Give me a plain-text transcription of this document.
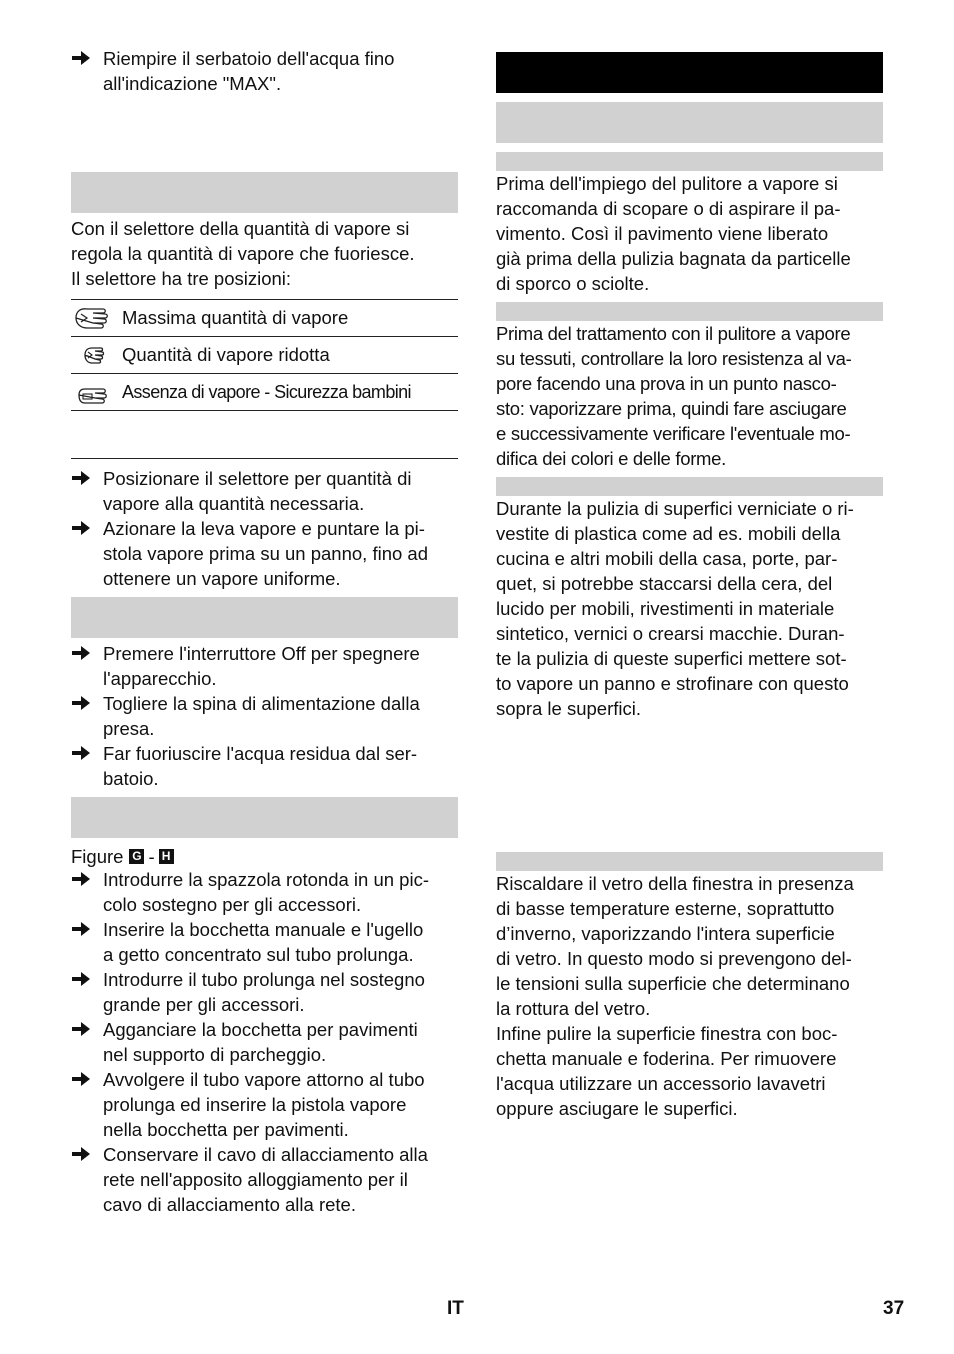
Riempire il serbatoio dell'acqua fino
all'indicazione "MAX".

Con il selettore della quantità di vapore si
regola la quantità di vapore che fuoriesce.
Il selettore ha tre posizioni:

Massima quantità di vapore
Quantità di vapore ridotta
Assenza di vapore - Sicurezza bambini
Posizionare il selettore per quantità di
vapore alla quantità necessaria.
Azionare la leva vapore e puntare la pi-
stola vapore prima su un panno, fino ad
ottenere un vapore uniforme.
Premere l'interruttore Off per spegnere
l'apparecchio.
Togliere la spina di alimentazione dalla
presa.
Far fuoriuscire l'acqua residua dal ser-
batoio.
Figure G - H
Introdurre la spazzola rotonda in un pic-
colo sostegno per gli accessori.
Inserire la bocchetta manuale e l'ugello
a getto concentrato sul tubo prolunga.
Introdurre il tubo prolunga nel sostegno
grande per gli accessori.
Agganciare la bocchetta per pavimenti
nel supporto di parcheggio.
Avvolgere il tubo vapore attorno al tubo
prolunga ed inserire la pistola vapore
nella bocchetta per pavimenti.
Conservare il cavo di allacciamento alla
rete nell'apposito alloggiamento per il
cavo di allacciamento alla rete.

Prima dell'impiego del pulitore a vapore si
raccomanda di scopare o di aspirare il pa-
vimento. Così il pavimento viene liberato
già prima della pulizia bagnata da particelle
di sporco o sciolte.

Prima del trattamento con il pulitore a vapore
su tessuti, controllare la loro resistenza al va-
pore facendo una prova in un punto nasco-
sto: vaporizzare prima, quindi fare asciugare
e successivamente verificare l'eventuale mo-
difica dei colori e delle forme.

Durante la pulizia di superfici verniciate o ri-
vestite di plastica come ad es. mobili della
cucina e altri mobili della casa, porte, par-
quet, si potrebbe staccarsi della cera, del
lucido per mobili, rivestimenti in materiale
sintetico, vernici o crearsi macchie. Duran-
te la pulizia di queste superfici mettere sot-
to vapore un panno e strofinare con questo
sopra le superfici.

Riscaldare il vetro della finestra in presenza
di basse temperature esterne, soprattutto
d’inverno, vaporizzando l'intera superficie
di vetro. In questo modo si prevengono del-
le tensioni sulla superficie che determinano
la rottura del vetro.
Infine pulire la superficie finestra con boc-
chetta manuale e foderina. Per rimuovere
l'acqua utilizzare un accessorio lavavetri
oppure asciugare le superfici.

IT	37
